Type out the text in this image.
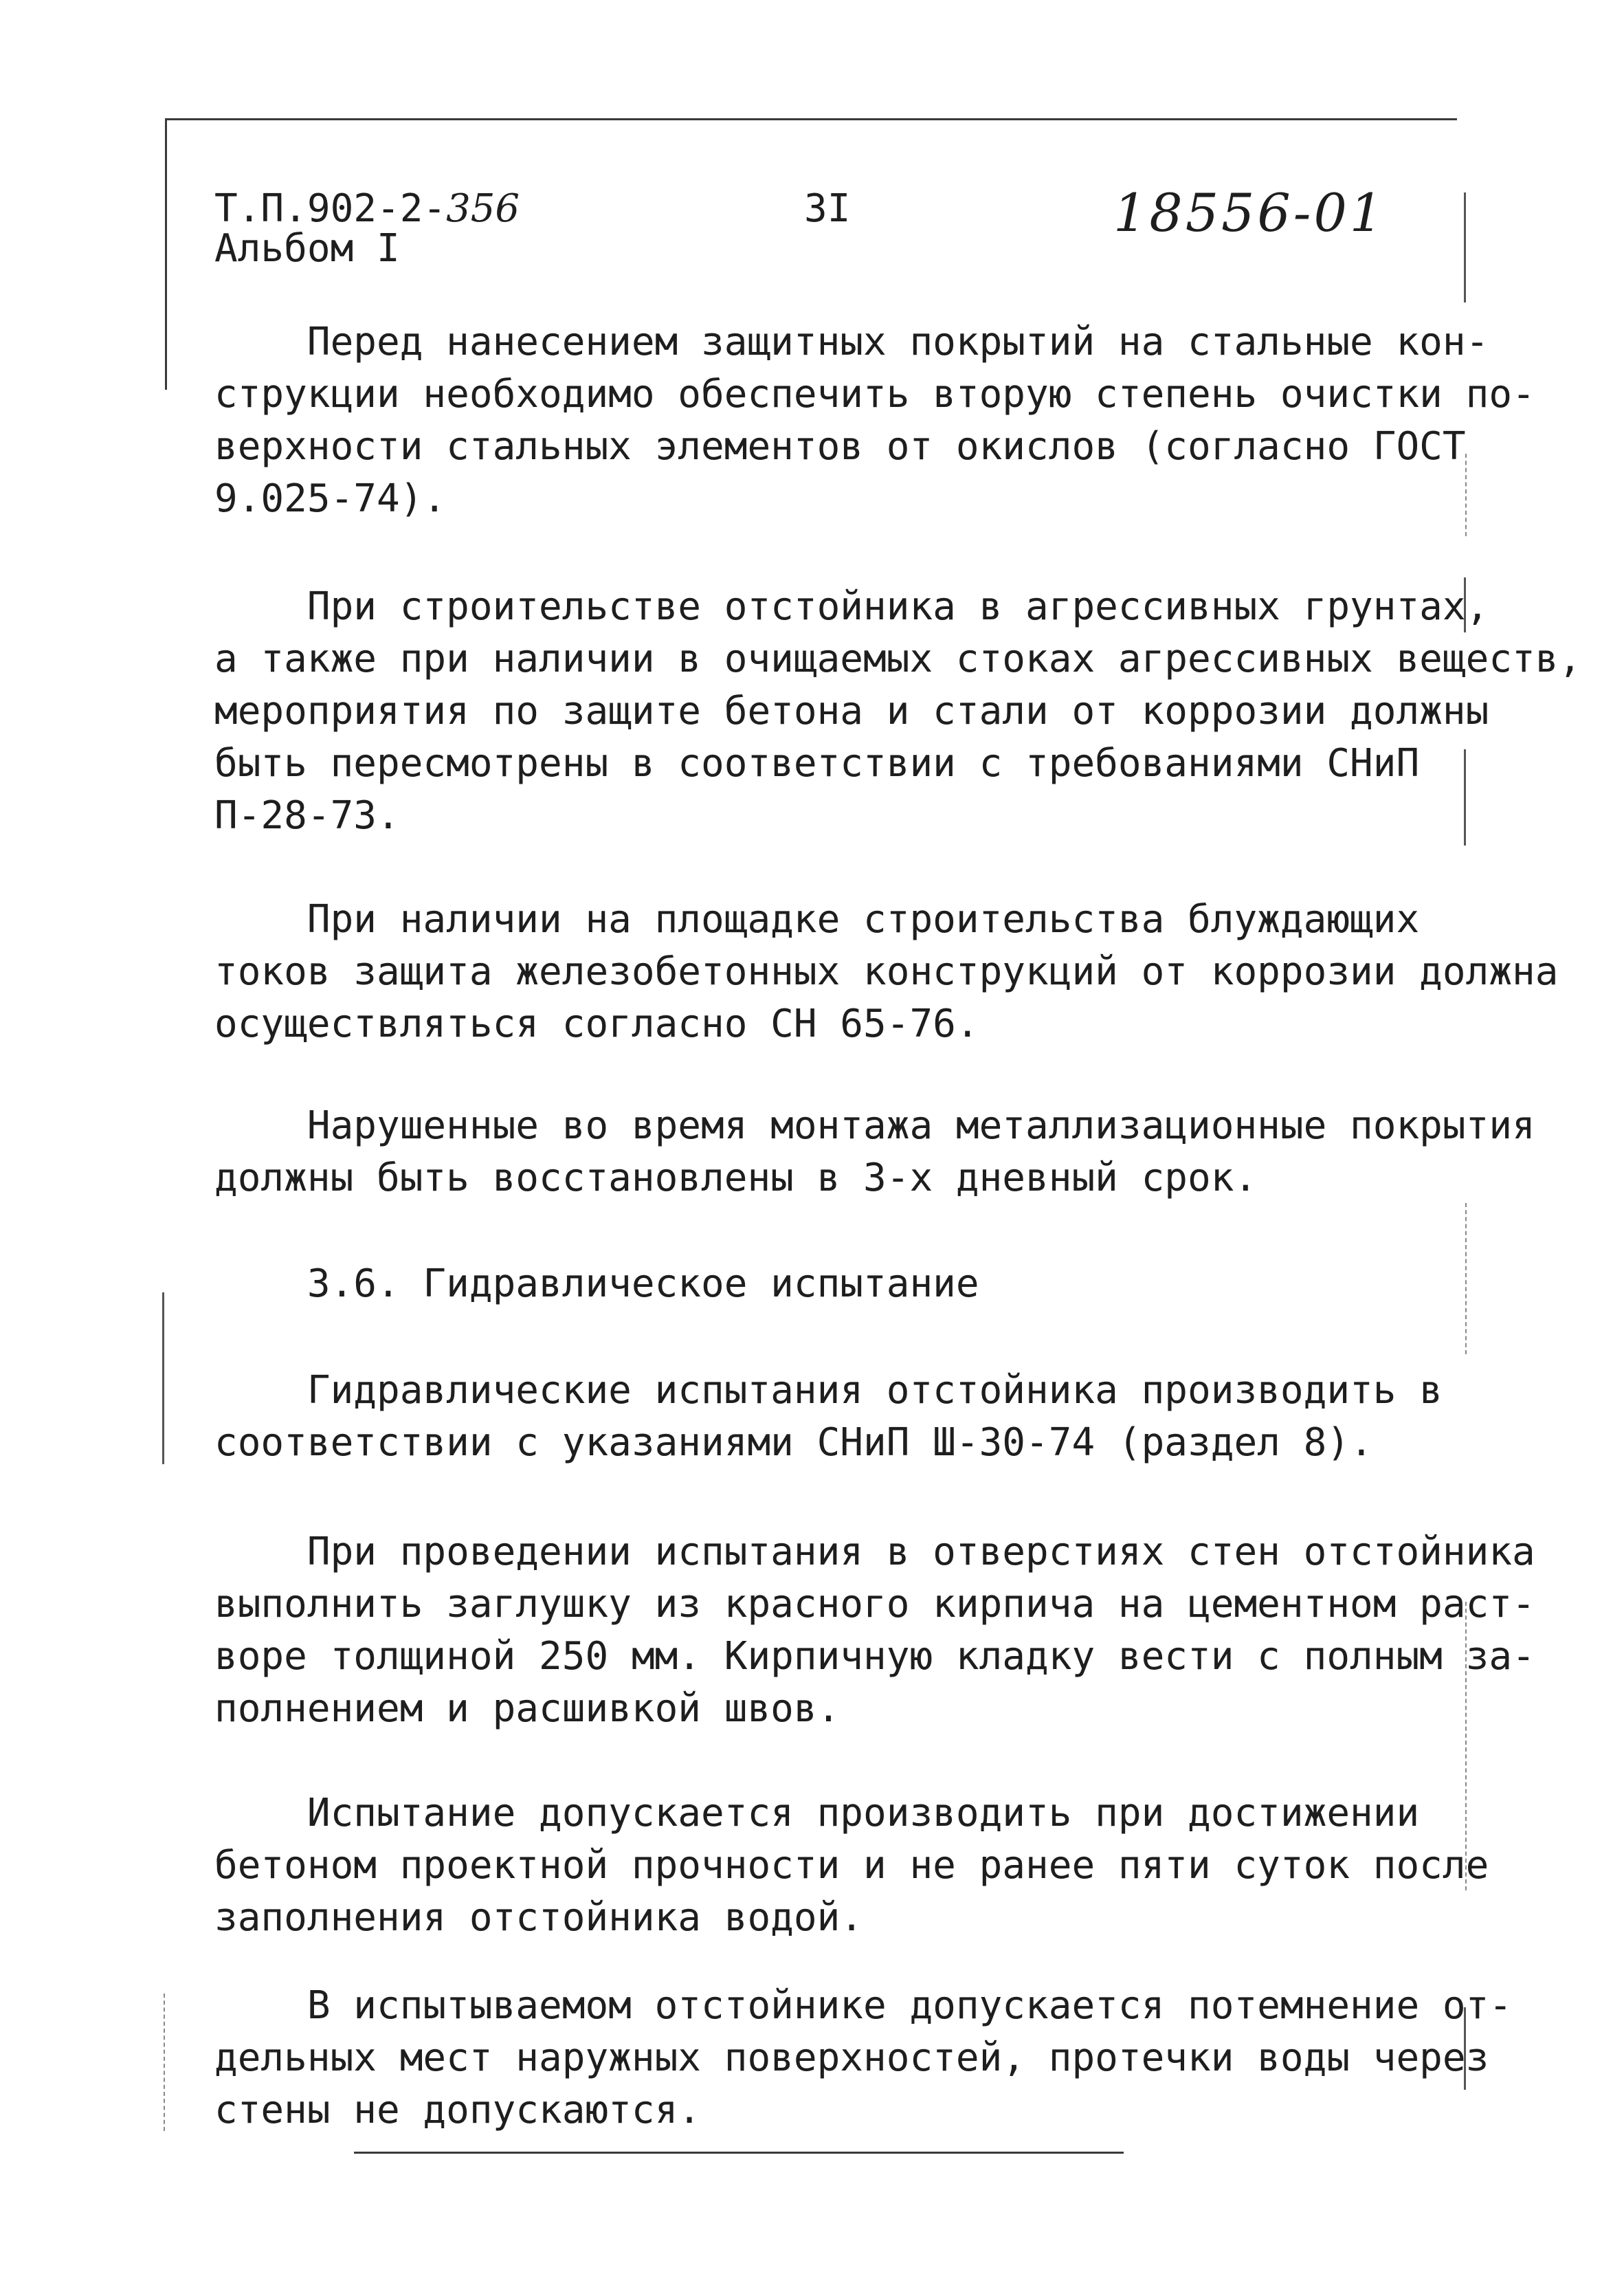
Т.П.902-2-356
Альбом I
3I	18556-01
Перед нанесением защитных покрытий на стальные кон-
струкции необходимо обеспечить вторую степень очистки по-
верхности стальных элементов от окислов (согласно ГОСТ
9.025-74).
При строительстве отстойника в агрессивных грунтах,
а также при наличии в очищаемых стоках агрессивных веществ,
мероприятия по защите бетона и стали от коррозии должны
быть пересмотрены в соответствии с требованиями СНиП
П-28-73.
При наличии на площадке строительства блуждающих
токов защита железобетонных конструкций от коррозии должна
осуществляться согласно СН 65-76.
Нарушенные во время монтажа металлизационные покрытия
должны быть восстановлены в 3-х дневный срок.
3.6. Гидравлическое испытание
Гидравлические испытания отстойника производить в
соответствии с указаниями СНиП Ш-30-74 (раздел 8).
При проведении испытания в отверстиях стен отстойника
выполнить заглушку из красного кирпича на цементном раст-
воре толщиной 250 мм. Кирпичную кладку вести с полным за-
полнением и расшивкой швов.
Испытание допускается производить при достижении
бетоном проектной прочности и не ранее пяти суток после
заполнения отстойника водой.
В испытываемом отстойнике допускается потемнение от-
дельных мест наружных поверхностей, протечки воды через
стены не допускаются.
